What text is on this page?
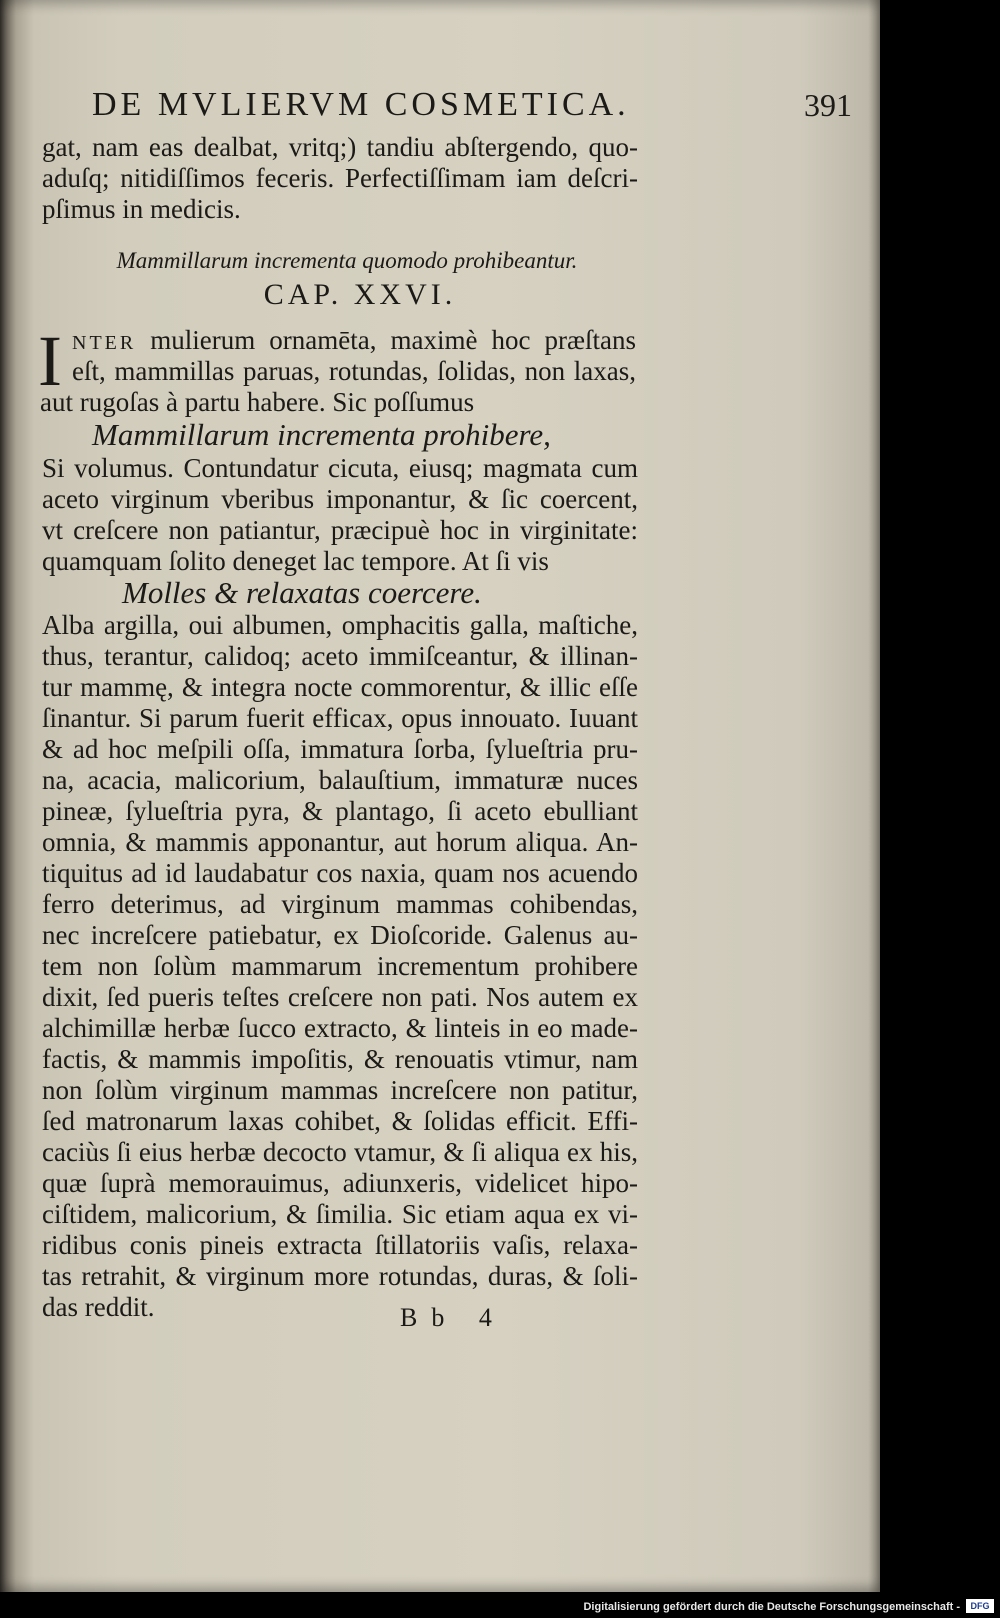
DE MVLIERVM COSMETICA.	391
gat, nam eas dealbat, vritq;) tandiu abſtergendo, quo-
aduſq; nitidiſſimos feceris. Perfectiſſimam iam deſcri-
pſimus in medicis.
Mammillarum incrementa quomodo prohibeantur.
CAP. XXVI.
I NTER mulierum ornamēta, maximè hoc præſtans
eſt, mammillas paruas, rotundas, ſolidas, non laxas,
aut rugoſas à partu habere. Sic poſſumus
Mammillarum incrementa prohibere,
Si volumus. Contundatur cicuta, eiusq; magmata cum
aceto virginum vberibus imponantur, & ſic coercent,
vt creſcere non patiantur, præcipuè hoc in virginitate:
quamquam ſolito deneget lac tempore. At ſi vis
Molles & relaxatas coercere.
Alba argilla, oui albumen, omphacitis galla, maſtiche,
thus, terantur, calidoq; aceto immiſceantur, & illinan-
tur mammę, & integra nocte commorentur, & illic eſſe
ſinantur. Si parum fuerit efficax, opus innouato. Iuuant
& ad hoc meſpili oſſa, immatura ſorba, ſylueſtria pru-
na, acacia, malicorium, balauſtium, immaturæ nuces
pineæ, ſylueſtria pyra, & plantago, ſi aceto ebulliant
omnia, & mammis apponantur, aut horum aliqua. An-
tiquitus ad id laudabatur cos naxia, quam nos acuendo
ferro deterimus, ad virginum mammas cohibendas,
nec increſcere patiebatur, ex Dioſcoride. Galenus au-
tem non ſolùm mammarum incrementum prohibere
dixit, ſed pueris teſtes creſcere non pati. Nos autem ex
alchimillæ herbæ ſucco extracto, & linteis in eo made-
factis, & mammis impoſitis, & renouatis vtimur, nam
non ſolùm virginum mammas increſcere non patitur,
ſed matronarum laxas cohibet, & ſolidas efficit. Effi-
caciùs ſi eius herbæ decocto vtamur, & ſi aliqua ex his,
quæ ſuprà memorauimus, adiunxeris, videlicet hipo-
ciſtidem, malicorium, & ſimilia. Sic etiam aqua ex vi-
ridibus conis pineis extracta ſtillatoriis vaſis, relaxa-
tas retrahit, & virginum more rotundas, duras, & ſoli-
das reddit.	Bb 4
Digitalisierung gefördert durch die Deutsche Forschungsgemeinschaft -	DFG
